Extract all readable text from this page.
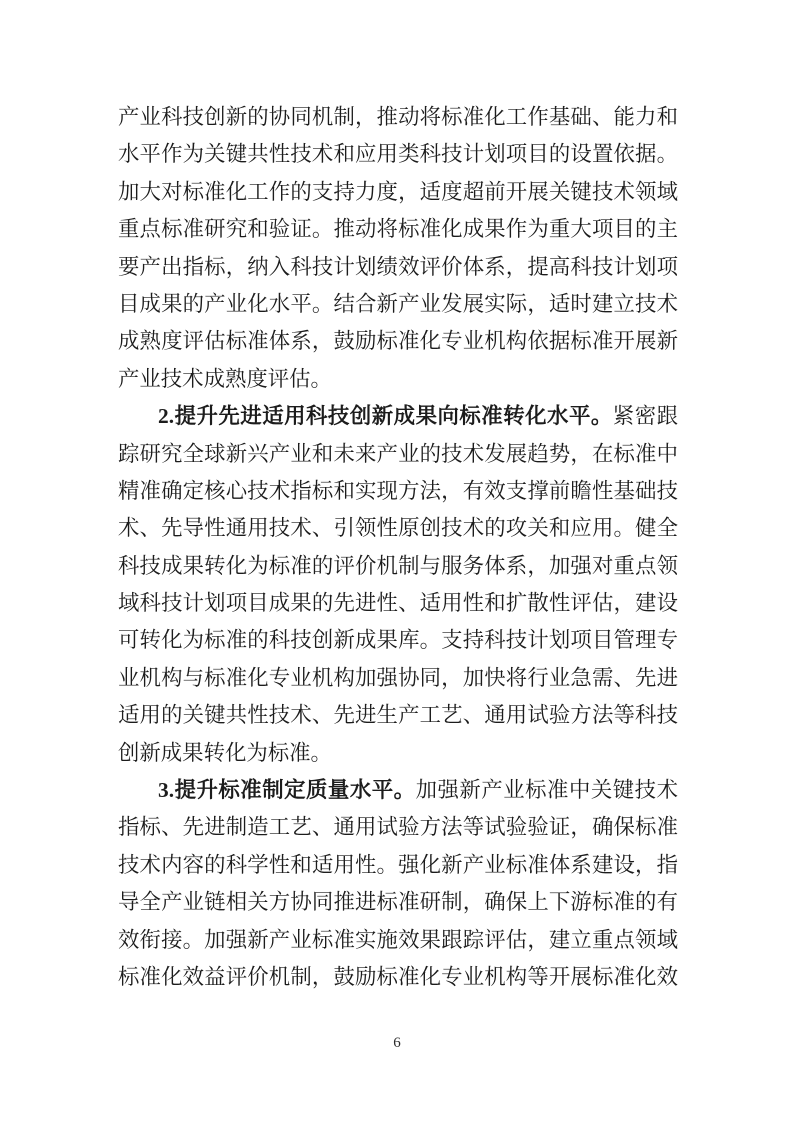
产业科技创新的协同机制，推动将标准化工作基础、能力和
水平作为关键共性技术和应用类科技计划项目的设置依据。
加大对标准化工作的支持力度，适度超前开展关键技术领域
重点标准研究和验证。推动将标准化成果作为重大项目的主
要产出指标，纳入科技计划绩效评价体系，提高科技计划项
目成果的产业化水平。结合新产业发展实际，适时建立技术
成熟度评估标准体系，鼓励标准化专业机构依据标准开展新
产业技术成熟度评估。
2.提升先进适用科技创新成果向标准转化水平。紧密跟
踪研究全球新兴产业和未来产业的技术发展趋势，在标准中
精准确定核心技术指标和实现方法，有效支撑前瞻性基础技
术、先导性通用技术、引领性原创技术的攻关和应用。健全
科技成果转化为标准的评价机制与服务体系，加强对重点领
域科技计划项目成果的先进性、适用性和扩散性评估，建设
可转化为标准的科技创新成果库。支持科技计划项目管理专
业机构与标准化专业机构加强协同，加快将行业急需、先进
适用的关键共性技术、先进生产工艺、通用试验方法等科技
创新成果转化为标准。
3.提升标准制定质量水平。加强新产业标准中关键技术
指标、先进制造工艺、通用试验方法等试验验证，确保标准
技术内容的科学性和适用性。强化新产业标准体系建设，指
导全产业链相关方协同推进标准研制，确保上下游标准的有
效衔接。加强新产业标准实施效果跟踪评估，建立重点领域
标准化效益评价机制，鼓励标准化专业机构等开展标准化效
6
